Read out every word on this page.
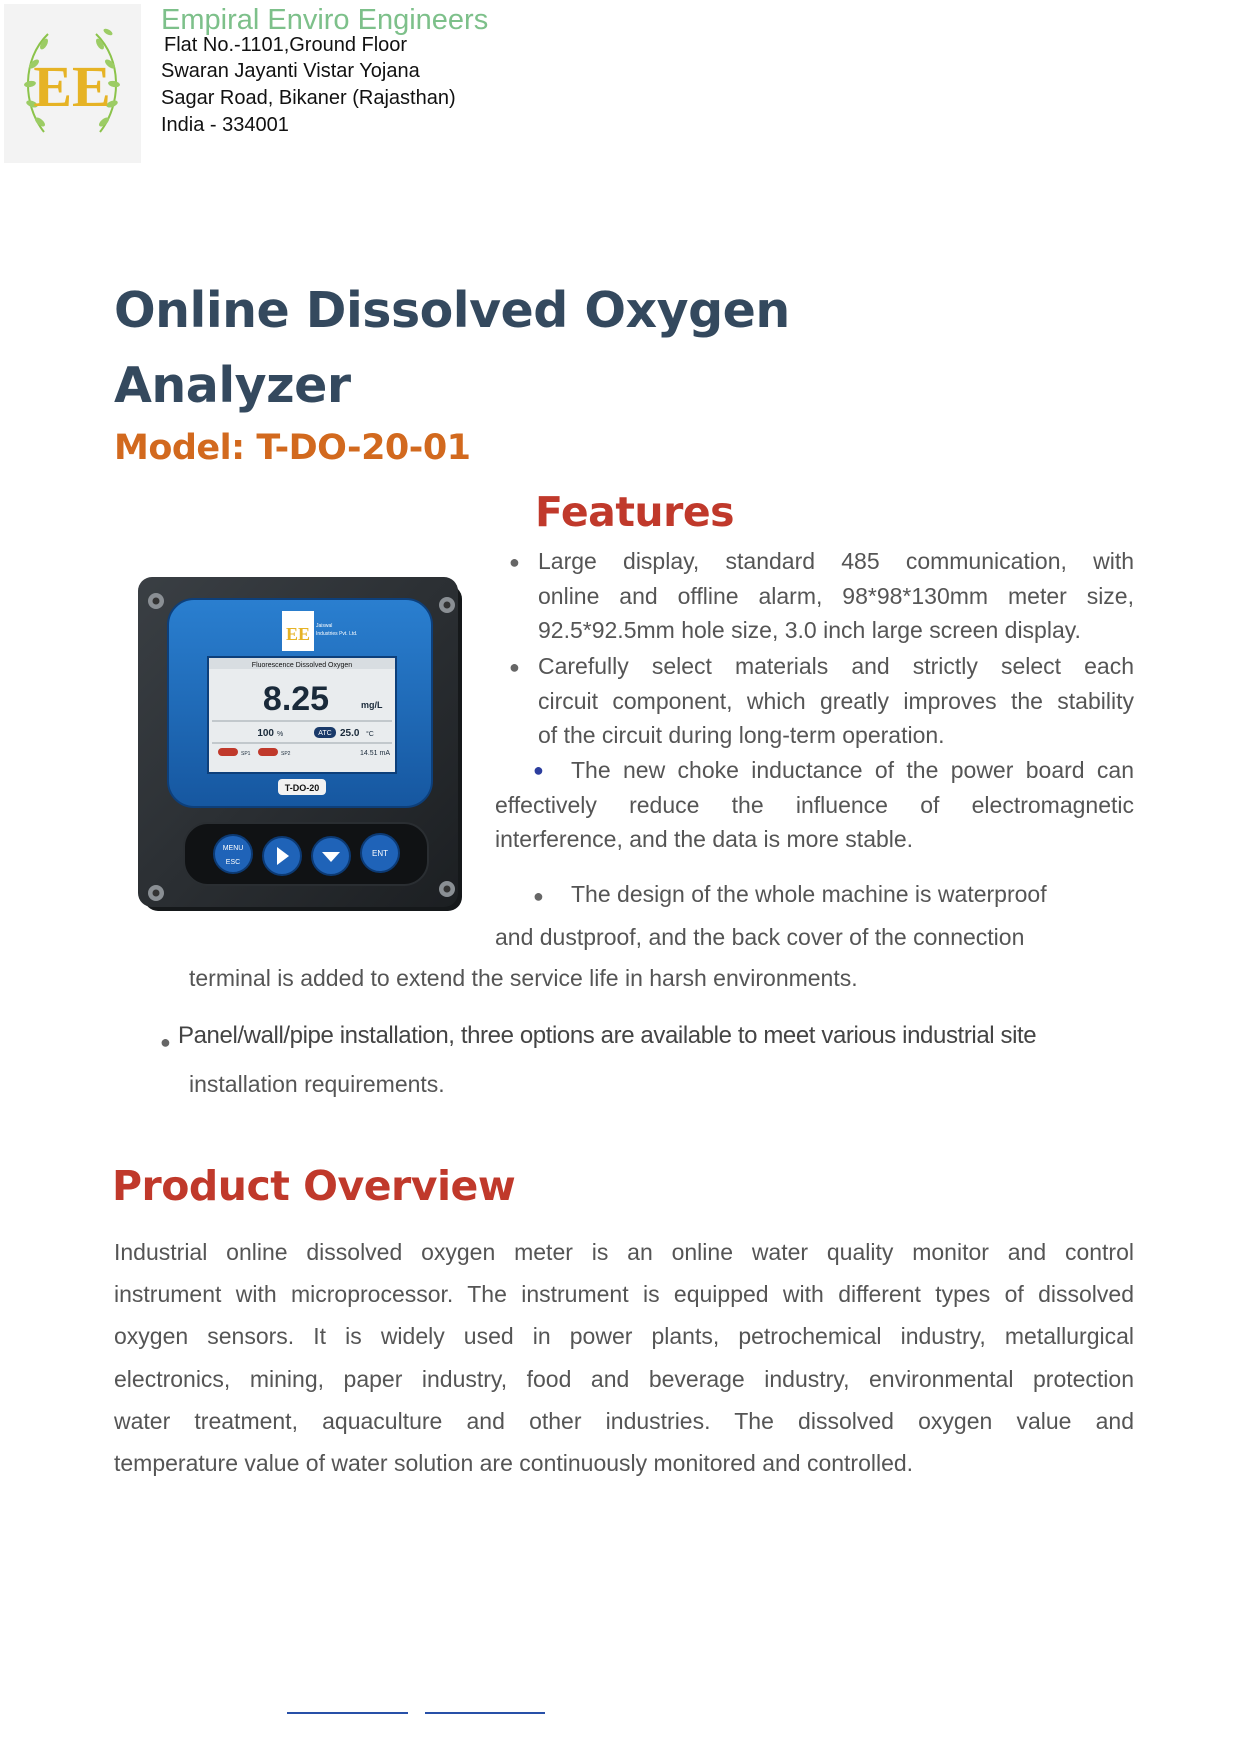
EE
Empiral Enviro Engineers
Flat No.-1101,Ground Floor
Swaran Jayanti Vistar Yojana
Sagar Road, Bikaner (Rajasthan)
India - 334001
Online Dissolved Oxygen
Analyzer
Model: T-DO-20-01
EE Jaiswal
Industries Pvt. Ltd.
Fluorescence Dissolved Oxygen
8.25	mg/L
100 %	ATC 25.0 °C
SP1	SP2	14.51 mA
T-DO-20
MENU
ESC
ENT
Features
● Large display, standard 485 communication, with
online and offline alarm, 98*98*130mm meter size,
92.5*92.5mm hole size, 3.0 inch large screen display.
● Carefully select materials and strictly select each
circuit component, which greatly improves the stability
of the circuit during long-term operation.
●	The new choke inductance of the power board can
effectively reduce the influence of electromagnetic
interference, and the data is more stable.
● The design of the whole machine is waterproof
and dustproof, and the back cover of the connection
terminal is added to extend the service life in harsh environments.
● Panel/wall/pipe installation, three options are available to meet various industrial site
installation requirements.
Product Overview
Industrial online dissolved oxygen meter is an online water quality monitor and control
instrument with microprocessor. The instrument is equipped with different types of dissolved
oxygen sensors. It is widely used in power plants, petrochemical industry, metallurgical
electronics, mining, paper industry, food and beverage industry, environmental protection
water treatment, aquaculture and other industries. The dissolved oxygen value and
temperature value of water solution are continuously monitored and controlled.
